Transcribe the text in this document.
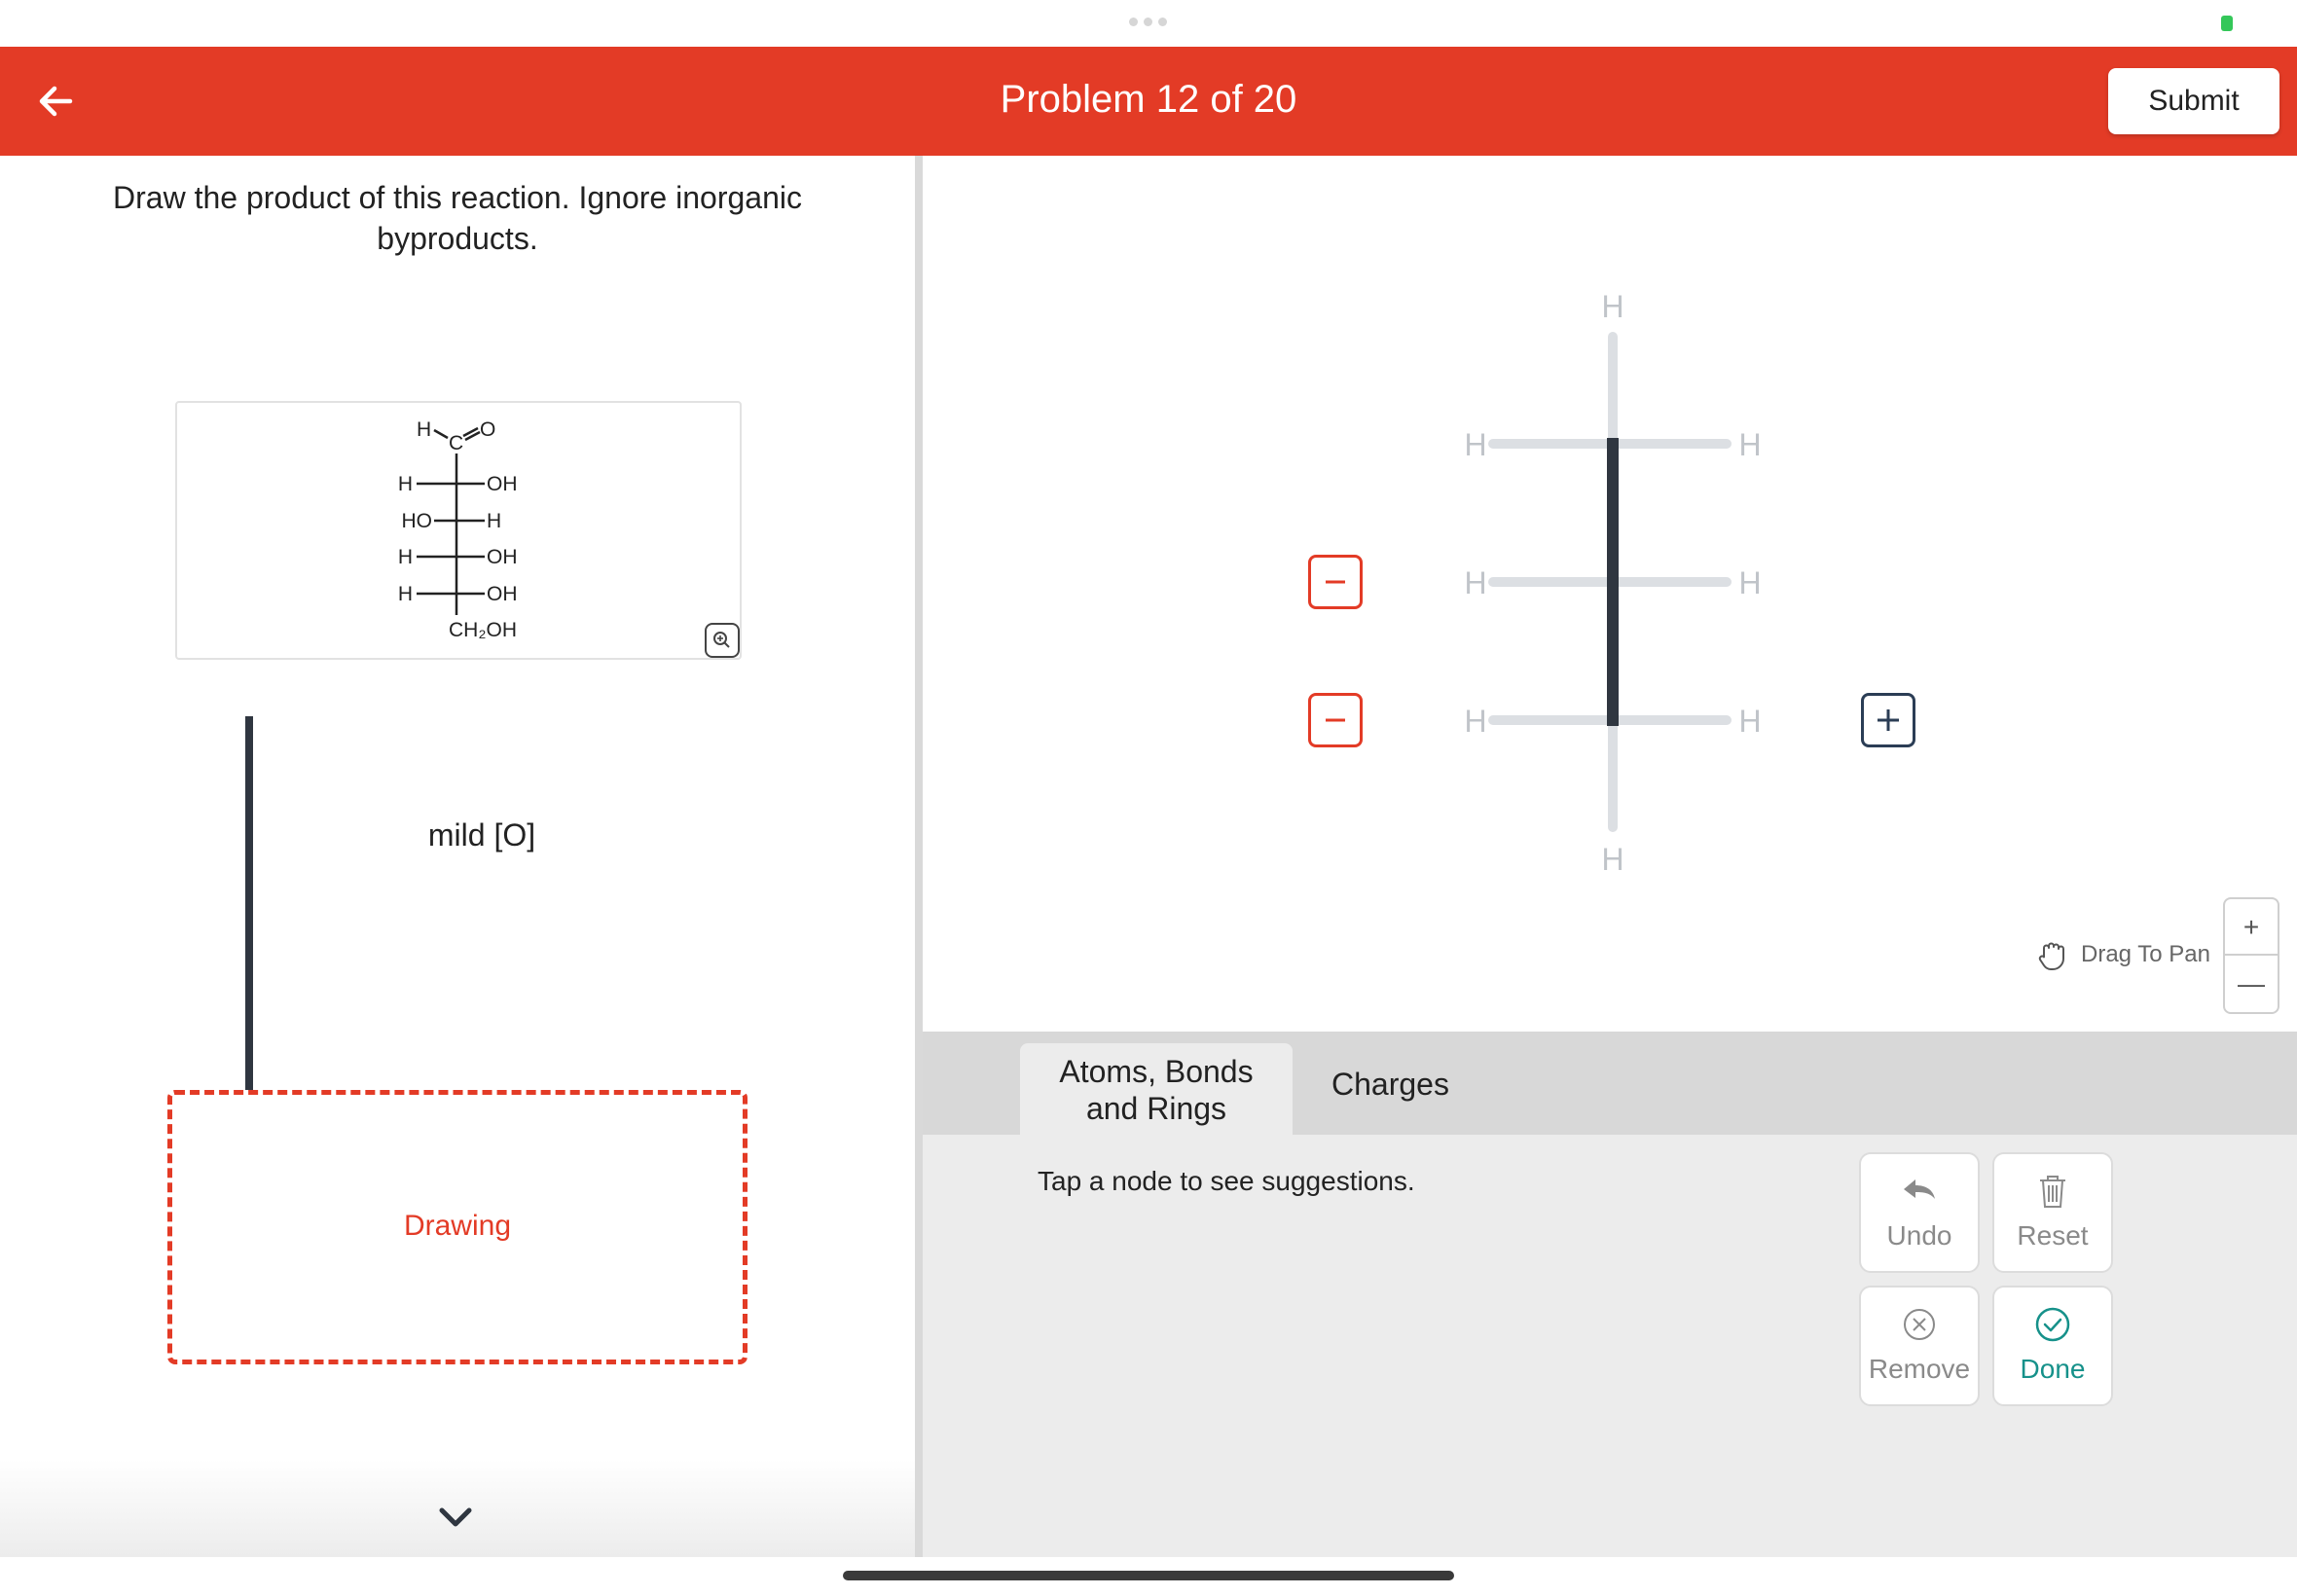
Problem 12 of 20	Submit
Draw the product of this reaction. Ignore inorganic byproducts.
H
C
O
H	OH
HO	H
H	OH
H	OH
CH₂OH
mild [O]
Drawing
H
H	H
H	H
H	H
H
Drag To Pan
+
—
Atoms, Bonds
and Rings
Charges
Tap a node to see suggestions.
Undo	Reset
Remove	Done
